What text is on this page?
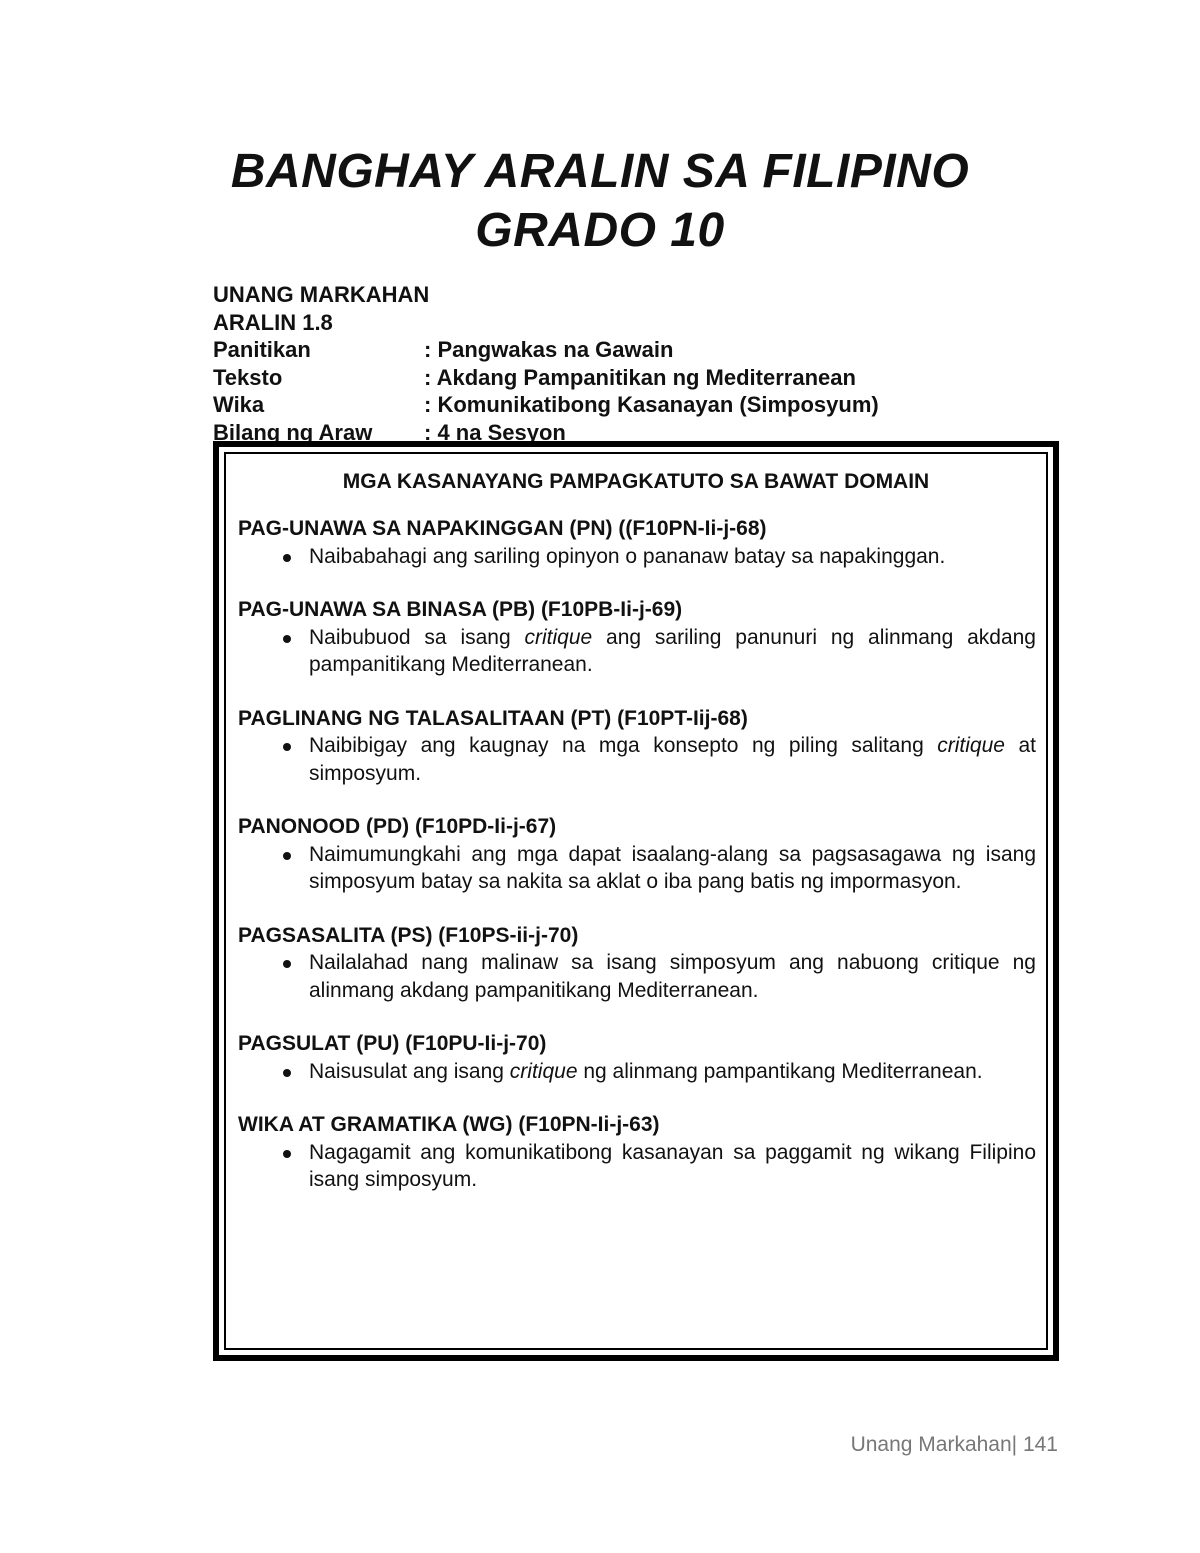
BANGHAY ARALIN SA FILIPINO
GRADO 10
UNANG MARKAHAN
ARALIN 1.8
Panitikan	: Pangwakas na Gawain
Teksto	: Akdang Pampanitikan ng Mediterranean
Wika	: Komunikatibong Kasanayan (Simposyum)
Bilang ng Araw	: 4 na Sesyon
MGA KASANAYANG PAMPAGKATUTO SA BAWAT DOMAIN
PAG-UNAWA SA NAPAKINGGAN (PN) ((F10PN-Ii-j-68)
Naibabahagi ang sariling opinyon o pananaw batay sa napakinggan.
PAG-UNAWA SA BINASA (PB) (F10PB-Ii-j-69)
Naibubuod sa isang critique ang sariling panunuri ng alinmang akdang pampanitikang Mediterranean.
PAGLINANG NG TALASALITAAN (PT) (F10PT-Iij-68)
Naibibigay ang kaugnay na mga konsepto ng piling salitang critique at simposyum.
PANONOOD (PD) (F10PD-Ii-j-67)
Naimumungkahi ang mga dapat isaalang-alang sa pagsasagawa ng isang simposyum batay sa nakita sa aklat o iba pang batis ng impormasyon.
PAGSASALITA (PS) (F10PS-ii-j-70)
Nailalahad nang malinaw sa isang simposyum ang nabuong critique ng alinmang akdang pampanitikang Mediterranean.
PAGSULAT (PU) (F10PU-Ii-j-70)
Naisusulat ang isang critique ng alinmang pampantikang Mediterranean.
WIKA AT GRAMATIKA (WG) (F10PN-Ii-j-63)
Nagagamit ang komunikatibong kasanayan sa paggamit ng wikang Filipino isang simposyum.
Unang Markahan| 141
